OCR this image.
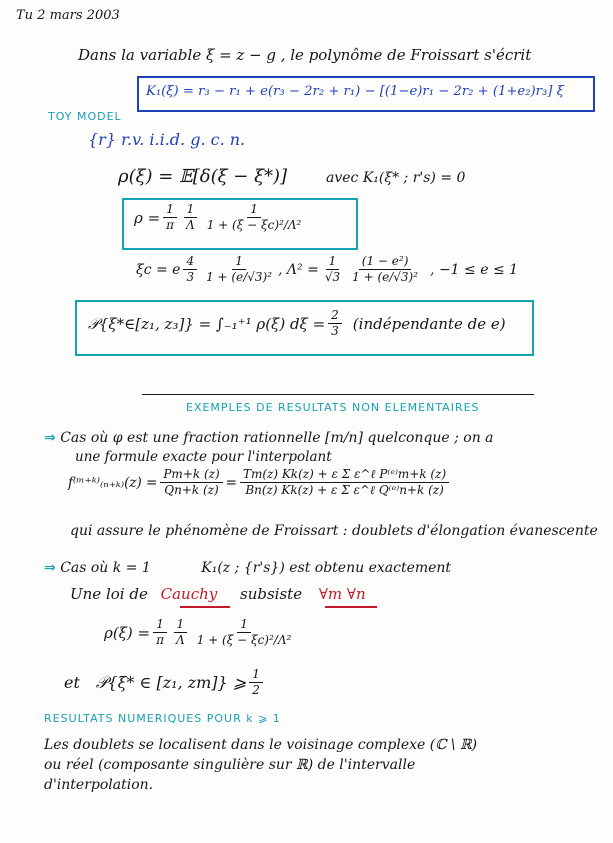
Tu 2 mars 2003
Dans la variable ξ = z − g , le polynôme de Froissart s'écrit
K₁(ξ) = r₃ − r₁ + e(r₃ − 2r₂ + r₁) − [(1−e)r₁ − 2r₂ + (1+e₂)r₃] ξ
TOY MODEL
{r} r.v. i.i.d. g. c. n.
ρ(ξ) = 𝔼[δ(ξ − ξ*)]	avec K₁(ξ* ; r's) = 0
$\rho = \frac{1}{\pi} \frac{1}{\Lambda} \frac{1}{\text{1 + (ξ − ξc)²/Λ²}}$
ξc = e $\frac{4}{3} \frac{1}{\text{1 + (e/√3)²}}$ , $\Lambda^2 = \frac{1}{√3} \frac{\text{(1 − e²)}}{\text{1 + (e/√3)²}}$ , −1 ≤ e ≤ 1
𝒫{ξ*∈[z₁, z₃]} = ∫₋₁⁺¹ ρ(ξ) $d\xi = \frac{2}{3}$ (indépendante de e)
EXEMPLES DE RESULTATS NON ELEMENTAIRES
⇒ Cas où φ est une fraction rationnelle [m/n] quelconque ; on a
une formule exacte pour l'interpolant
f⁽ᵐ⁺ᵏ⁾₍ₙ₊ₖ₎(z) = $\frac{Pm+k (z)}{Qn+k (z)} = \frac{\text{Tm(z) Kk(z) + ε Σ ε\textasciicircum{}ℓ P⁽ᵉ⁾m+k (z)}}{\text{Bn(z) Kk(z) + ε Σ ε\textasciicircum{}ℓ Q⁽ᵉ⁾n+k (z)}}$
qui assure le phénomène de Froissart : doublets d'élongation évanescente
⇒ Cas où k = 1	K₁(z ; {r's}) est obtenu exactement
Une loi de Cauchy subsiste ∀m ∀n
$\rho(\xi) = \frac{1}{\pi} \frac{1}{\Lambda} \frac{1}{\text{1 + (ξ − ξc)²/Λ²}}$
et 𝒫{ξ* ∈ [z₁, zm]} ⩾ $\frac{1}{2}$
RESULTATS NUMERIQUES POUR k ⩾ 1
Les doublets se localisent dans le voisinage complexe (ℂ \ ℝ)
ou réel (composante singulière sur ℝ) de l'intervalle
d'interpolation.
